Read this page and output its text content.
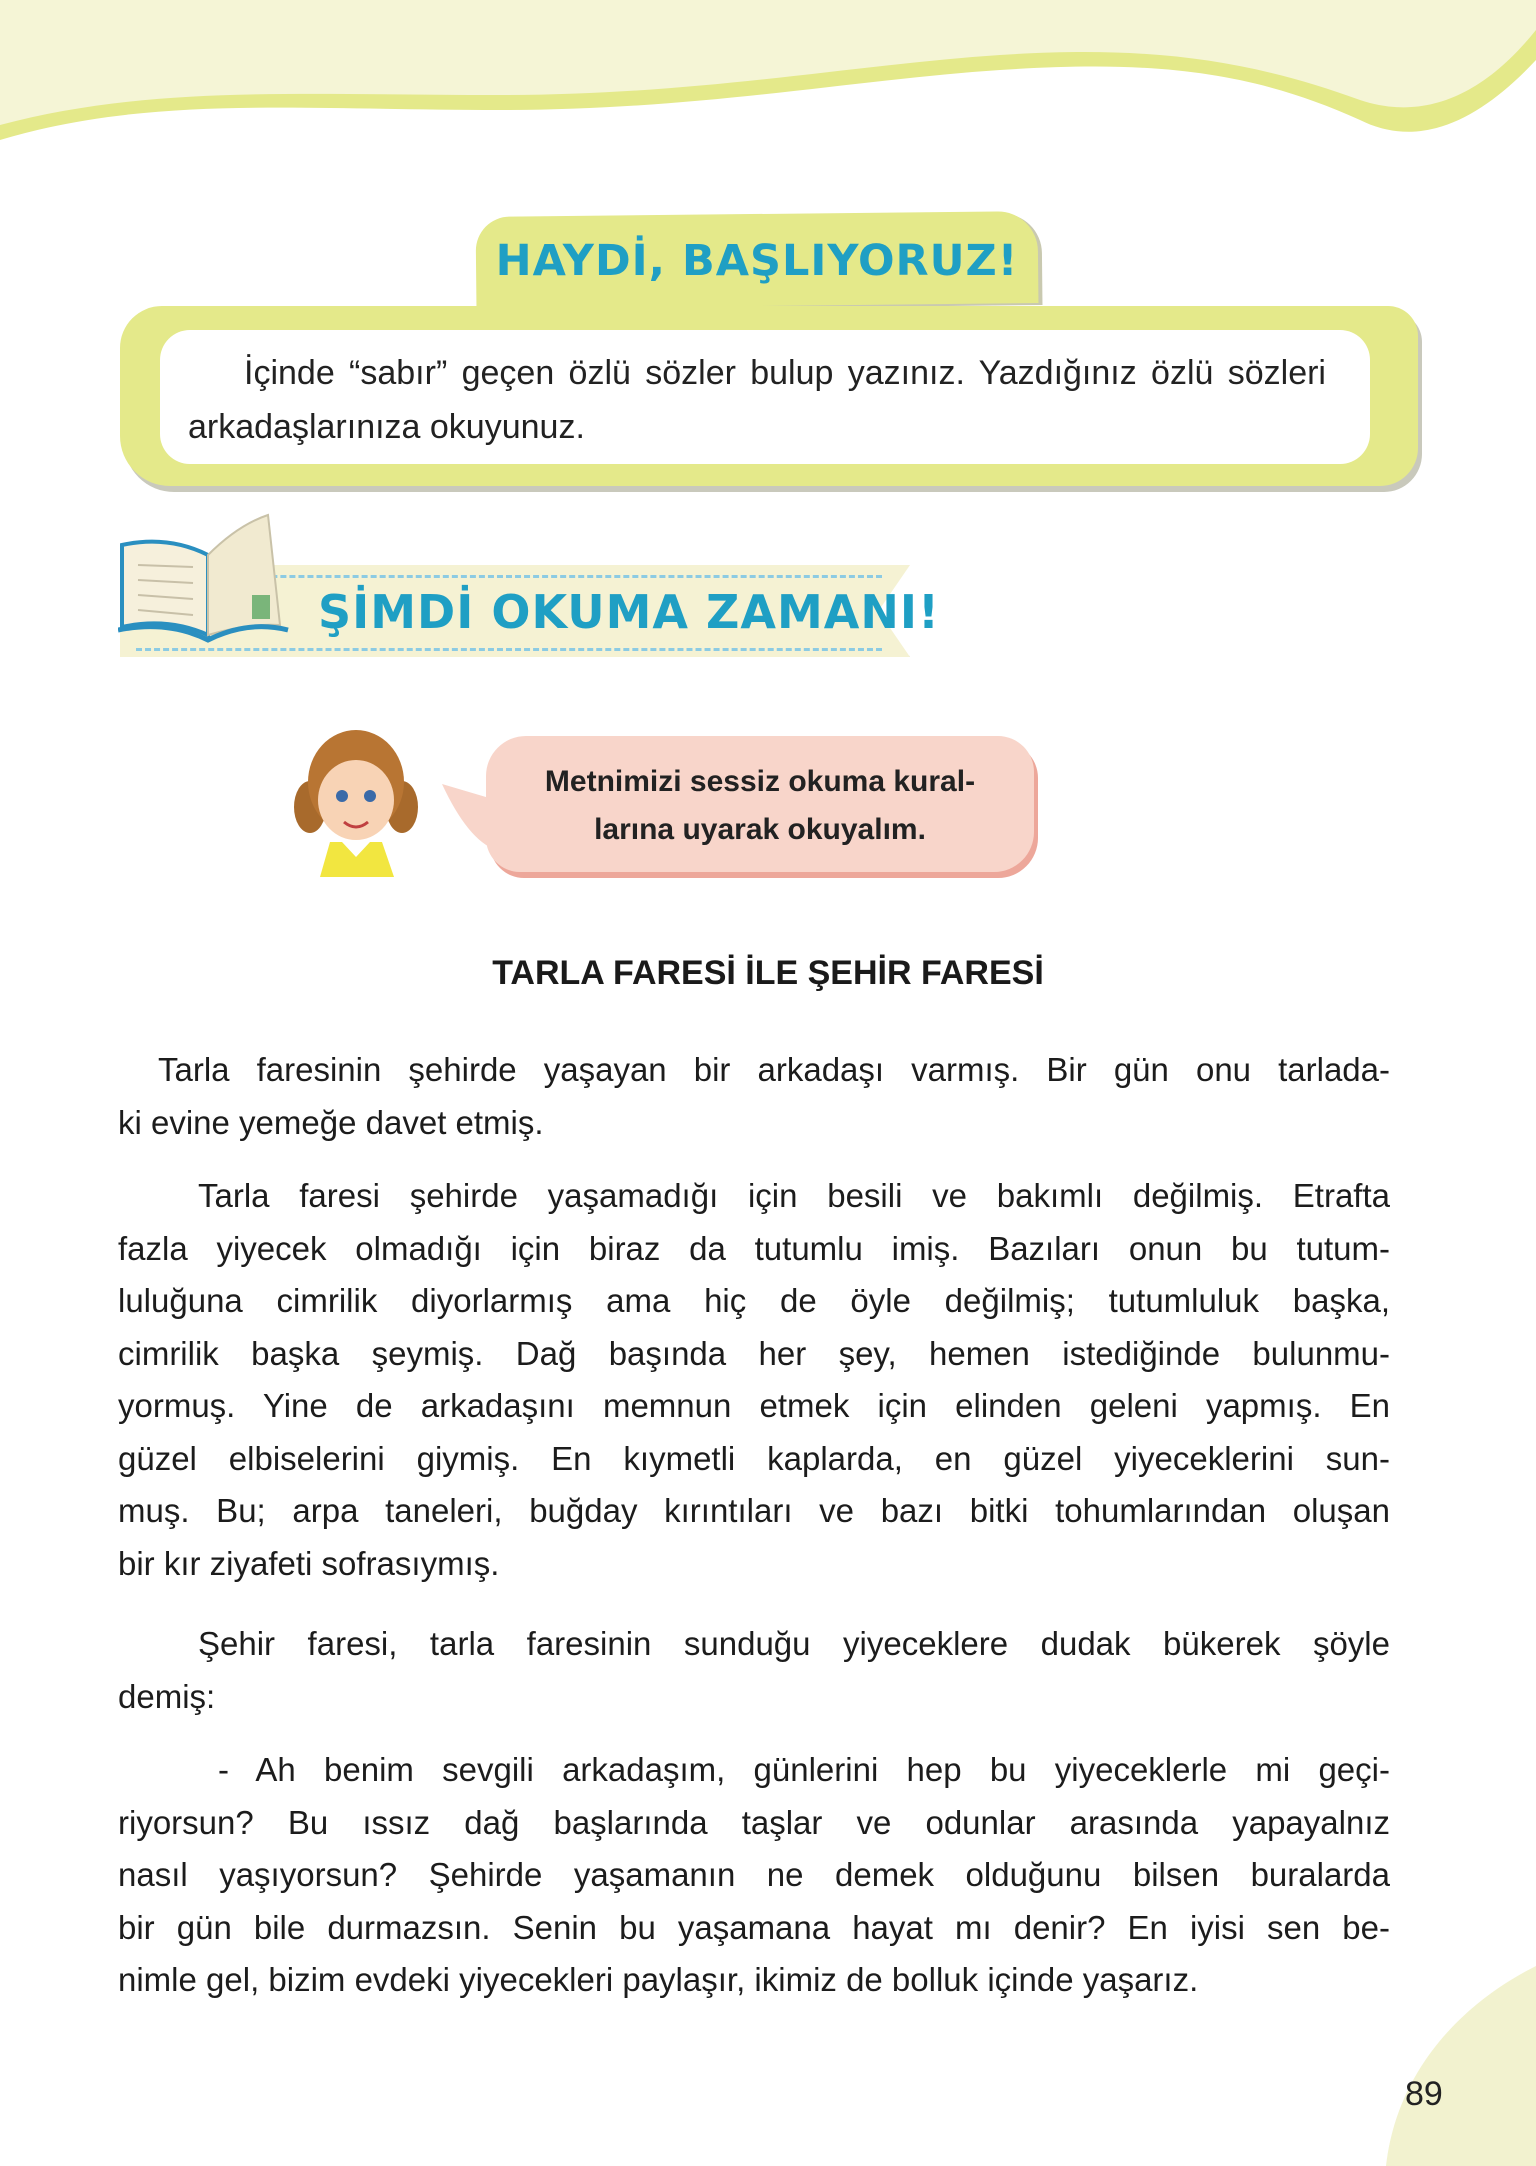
HAYDİ, BAŞLIYORUZ!
İçinde “sabır” geçen özlü sözler bulup yazınız. Yazdığınız özlü sözleri arkadaşlarınıza okuyunuz.
ŞİMDİ OKUMA ZAMANI!
Metnimizi sessiz okuma kural-
larına uyarak okuyalım.
TARLA FARESİ İLE ŞEHİR FARESİ
Tarla faresinin şehirde yaşayan bir arkadaşı varmış. Bir gün onu tarlada-
ki evine yemeğe davet etmiş.
Tarla faresi şehirde yaşamadığı için besili ve bakımlı değilmiş. Etrafta
fazla yiyecek olmadığı için biraz da tutumlu imiş. Bazıları onun bu tutum-
luluğuna cimrilik diyorlarmış ama hiç de öyle değilmiş; tutumluluk başka,
cimrilik başka şeymiş. Dağ başında her şey, hemen istediğinde bulunmu-
yormuş. Yine de arkadaşını memnun etmek için elinden geleni yapmış. En
güzel elbiselerini giymiş. En kıymetli kaplarda, en güzel yiyeceklerini sun-
muş. Bu; arpa taneleri, buğday kırıntıları ve bazı bitki tohumlarından oluşan
bir kır ziyafeti sofrasıymış.
Şehir faresi, tarla faresinin sunduğu yiyeceklere dudak bükerek şöyle
demiş:
- Ah benim sevgili arkadaşım, günlerini hep bu yiyeceklerle mi geçi-
riyorsun? Bu ıssız dağ başlarında taşlar ve odunlar arasında yapayalnız
nasıl yaşıyorsun? Şehirde yaşamanın ne demek olduğunu bilsen buralarda
bir gün bile durmazsın. Senin bu yaşamana hayat mı denir? En iyisi sen be-
nimle gel, bizim evdeki yiyecekleri paylaşır, ikimiz de bolluk içinde yaşarız.
89
